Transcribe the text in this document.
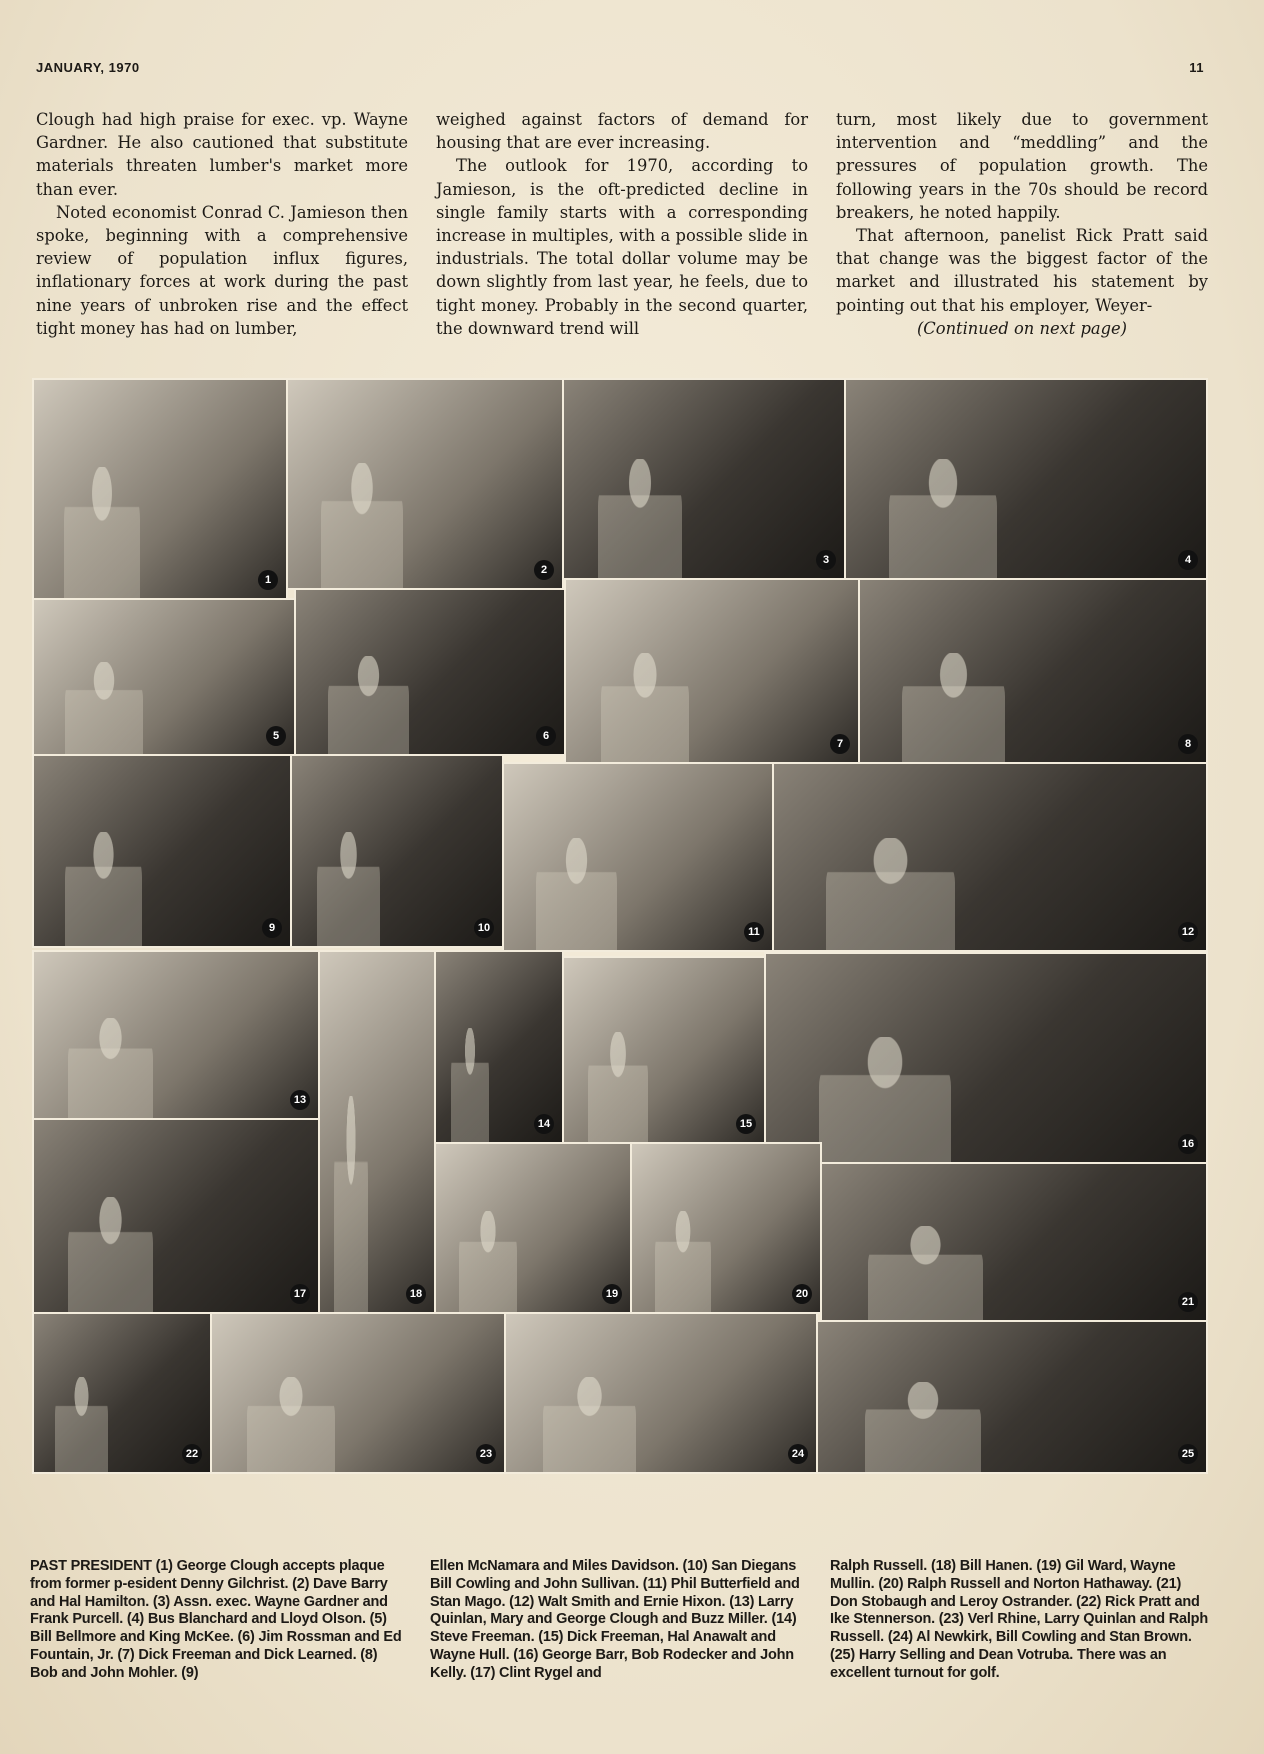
JANUARY, 1970	11

Clough had high praise for exec. vp. Wayne Gardner. He also cautioned that substitute materials threaten lumber's market more than ever.

Noted economist Conrad C. Jamieson then spoke, beginning with a comprehensive review of population influx figures, inflationary forces at work during the past nine years of unbroken rise and the effect tight money has had on lumber,

weighed against factors of demand for housing that are ever increasing.

The outlook for 1970, according to Jamieson, is the oft-predicted decline in single family starts with a corresponding increase in multiples, with a possible slide in industrials. The total dollar volume may be down slightly from last year, he feels, due to tight money. Probably in the second quarter, the downward trend will

turn, most likely due to government intervention and “meddling” and the pressures of population growth. The following years in the 70s should be record breakers, he noted happily.

That afternoon, panelist Rick Pratt said that change was the biggest factor of the market and illustrated his statement by pointing out that his employer, Weyer-

(Continued on next page)
1
2
3	4
5	6
7	8
9	10	11	12
13
18
14	15
16
17	19	20
21
22	23	24	25
PAST PRESIDENT (1) George Clough accepts plaque from former p-esident Denny Gilchrist. (2) Dave Barry and Hal Hamilton. (3) Assn. exec. Wayne Gardner and Frank Purcell. (4) Bus Blanchard and Lloyd Olson. (5) Bill Bellmore and King McKee. (6) Jim Rossman and Ed Fountain, Jr. (7) Dick Freeman and Dick Learned. (8) Bob and John Mohler. (9)
Ellen McNamara and Miles Davidson. (10) San Diegans Bill Cowling and John Sullivan. (11) Phil Butterfield and Stan Mago. (12) Walt Smith and Ernie Hixon. (13) Larry Quinlan, Mary and George Clough and Buzz Miller. (14) Steve Freeman. (15) Dick Freeman, Hal Anawalt and Wayne Hull. (16) George Barr, Bob Rodecker and John Kelly. (17) Clint Rygel and
Ralph Russell. (18) Bill Hanen. (19) Gil Ward, Wayne Mullin. (20) Ralph Russell and Norton Hathaway. (21) Don Stobaugh and Leroy Ostrander. (22) Rick Pratt and Ike Stennerson. (23) Verl Rhine, Larry Quinlan and Ralph Russell. (24) Al Newkirk, Bill Cowling and Stan Brown. (25) Harry Selling and Dean Votruba. There was an excellent turnout for golf.
